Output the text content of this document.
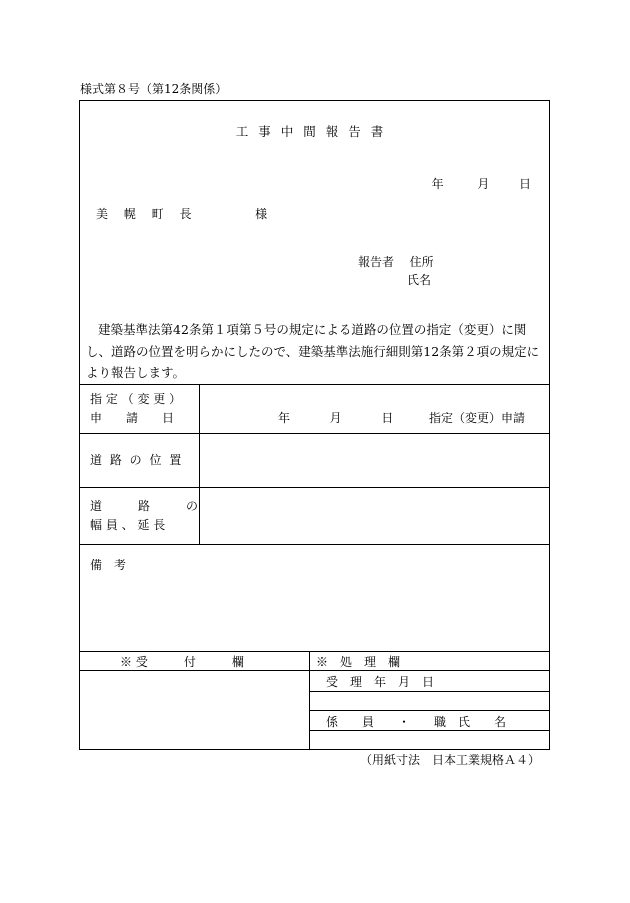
様式第８号（第12条関係）
工事中間報告書
年	月 日
美 幌 町 長	様
報告者 住所
氏名
建築基準法第42条第１項第５号の規定による道路の位置の指定（変更）に関し、道路の位置を明らかにしたので、建築基準法施行細則第12条第２項の規定により報告します。
指 定 （ 変 更 ）
申　　請　　日	年	月	日	指定（変更）申請
道 路 の 位 置
道　　　路　　　の
幅 員 、 延 長
備　考
※ 受　　　付　　　欄	※　処　理　欄
受　理　年　月　日
係　　員　　・　　職　氏　　名
（用紙寸法　日本工業規格Ａ４）
